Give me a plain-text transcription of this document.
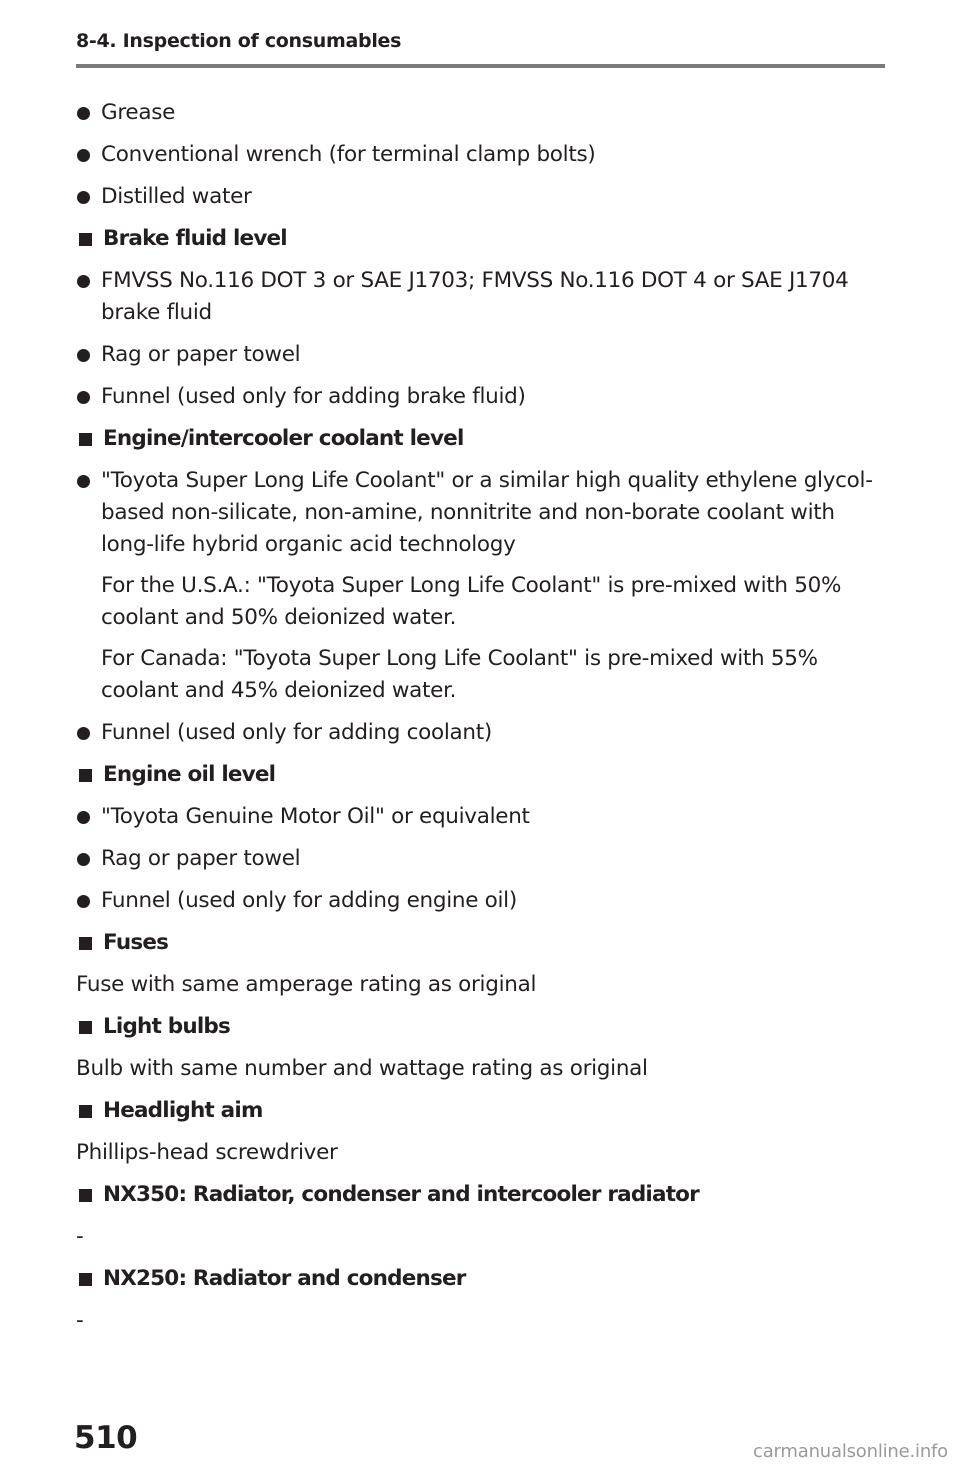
8-4. Inspection of consumables

Grease

Conventional wrench (for terminal clamp bolts)

Distilled water

Brake fluid level

FMVSS No.116 DOT 3 or SAE J1703; FMVSS No.116 DOT 4 or SAE J1704 brake fluid

Rag or paper towel

Funnel (used only for adding brake fluid)

Engine/intercooler coolant level

"Toyota Super Long Life Coolant" or a similar high quality ethylene glycol-based non-silicate, non-amine, nonnitrite and non-borate coolant with long-life hybrid organic acid technology

For the U.S.A.: "Toyota Super Long Life Coolant" is pre-mixed with 50% coolant and 50% deionized water.

For Canada: "Toyota Super Long Life Coolant" is pre-mixed with 55% coolant and 45% deionized water.

Funnel (used only for adding coolant)

Engine oil level

"Toyota Genuine Motor Oil" or equivalent

Rag or paper towel

Funnel (used only for adding engine oil)

Fuses
Fuse with same amperage rating as original
Light bulbs
Bulb with same number and wattage rating as original
Headlight aim
Phillips-head screwdriver
NX350: Radiator, condenser and intercooler radiator
-
NX250: Radiator and condenser
-
510	carmanualsonline.info
